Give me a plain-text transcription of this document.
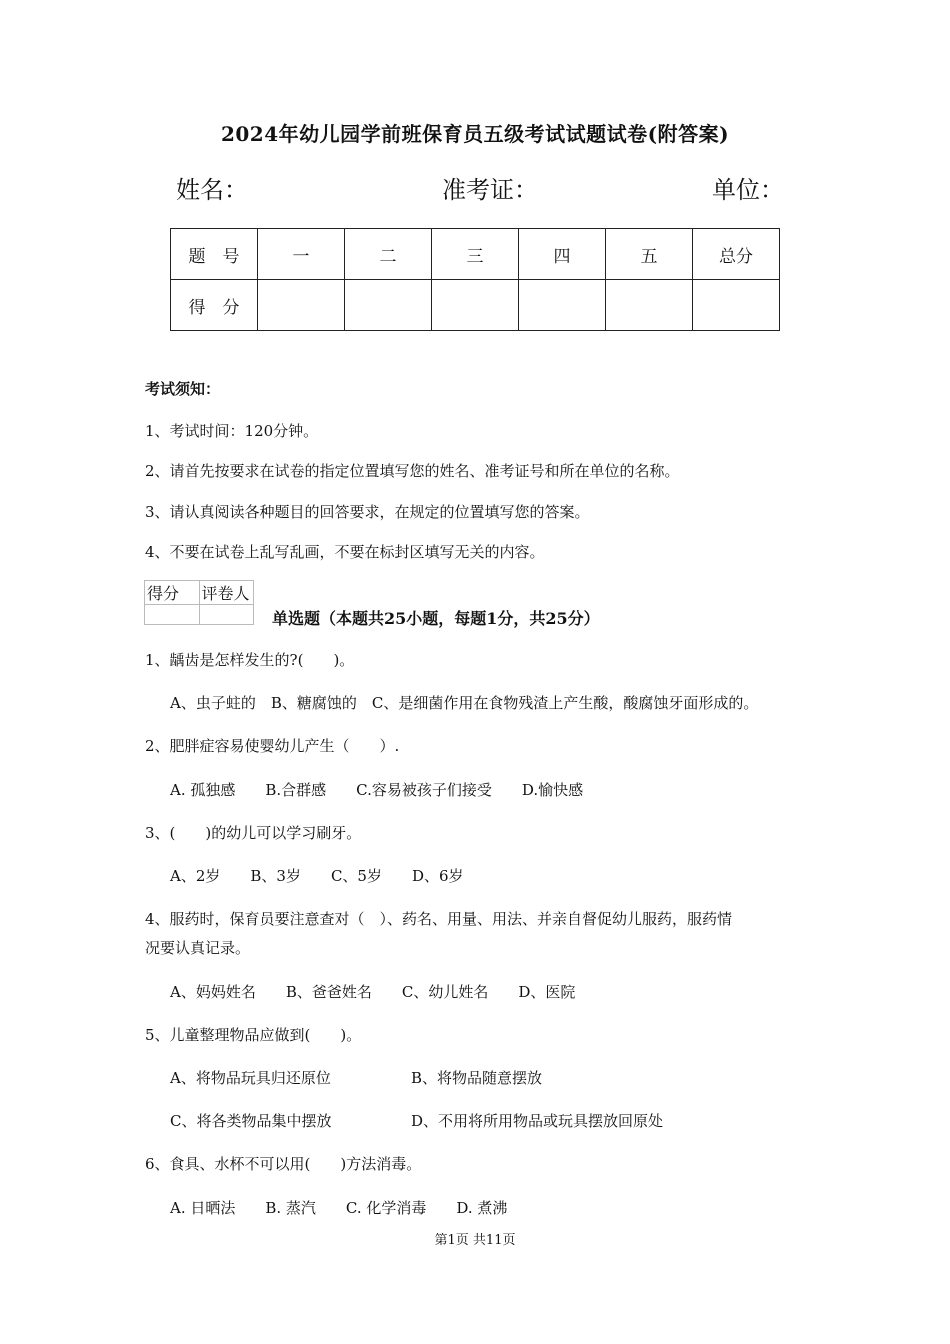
2024年幼儿园学前班保育员五级考试试题试卷(附答案)
姓名：	准考证：	单位：
题　号	一	二	三	四	五	总分
得　分						
考试须知：
1、考试时间：120分钟。
2、请首先按要求在试卷的指定位置填写您的姓名、准考证号和所在单位的名称。
3、请认真阅读各种题目的回答要求，在规定的位置填写您的答案。
4、不要在试卷上乱写乱画，不要在标封区填写无关的内容。
得分	评卷人

单选题（本题共25小题，每题1分，共25分）
1、龋齿是怎样发生的?(　　)。
A、虫子蛀的　B、糖腐蚀的　C、是细菌作用在食物残渣上产生酸，酸腐蚀牙面形成的。
2、肥胖症容易使婴幼儿产生（　　）.
A. 孤独感　　B.合群感　　C.容易被孩子们接受　　D.愉快感
3、(　　)的幼儿可以学习刷牙。
A、2岁　　B、3岁　　C、5岁　　D、6岁
4、服药时，保育员要注意查对（　）、药名、用量、用法、并亲自督促幼儿服药，服药情
况要认真记录。
A、妈妈姓名　　B、爸爸姓名　　C、幼儿姓名　　D、医院
5、儿童整理物品应做到(　　)。
A、将物品玩具归还原位	B、将物品随意摆放
C、将各类物品集中摆放	D、不用将所用物品或玩具摆放回原处
6、食具、水杯不可以用(　　)方法消毒。
A. 日晒法　　B. 蒸汽　　C. 化学消毒　　D. 煮沸
第1页 共11页
